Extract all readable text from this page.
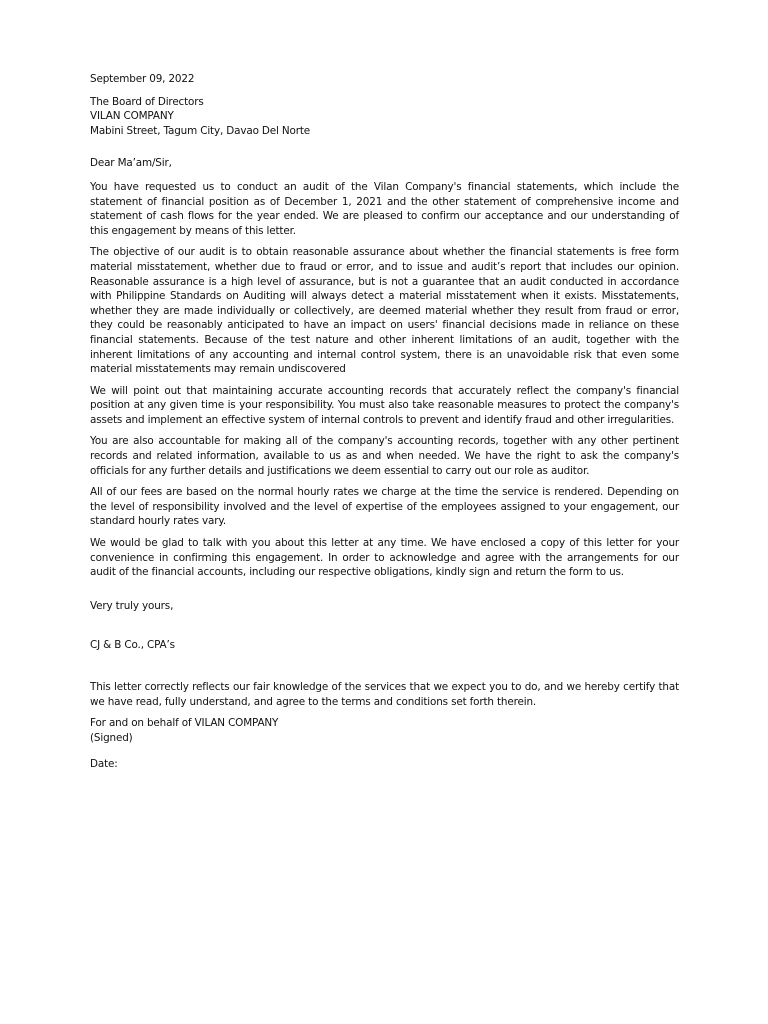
September 09, 2022
The Board of Directors
VILAN COMPANY
Mabini Street, Tagum City, Davao Del Norte
Dear Ma’am/Sir,

You have requested us to conduct an audit of the Vilan Company's financial statements, which include the statement of financial position as of December 1, 2021 and the other statement of comprehensive income and statement of cash flows for the year ended. We are pleased to confirm our acceptance and our understanding of this engagement by means of this letter.

The objective of our audit is to obtain reasonable assurance about whether the financial statements is free form material misstatement, whether due to fraud or error, and to issue and audit’s report that includes our opinion. Reasonable assurance is a high level of assurance, but is not a guarantee that an audit conducted in accordance with Philippine Standards on Auditing will always detect a material misstatement when it exists. Misstatements, whether they are made individually or collectively, are deemed material whether they result from fraud or error, they could be reasonably anticipated to have an impact on users' financial decisions made in reliance on these financial statements. Because of the test nature and other inherent limitations of an audit, together with the inherent limitations of any accounting and internal control system, there is an unavoidable risk that even some material misstatements may remain undiscovered

We will point out that maintaining accurate accounting records that accurately reflect the company's financial position at any given time is your responsibility. You must also take reasonable measures to protect the company's assets and implement an effective system of internal controls to prevent and identify fraud and other irregularities.

You are also accountable for making all of the company's accounting records, together with any other pertinent records and related information, available to us as and when needed. We have the right to ask the company's officials for any further details and justifications we deem essential to carry out our role as auditor.

All of our fees are based on the normal hourly rates we charge at the time the service is rendered. Depending on the level of responsibility involved and the level of expertise of the employees assigned to your engagement, our standard hourly rates vary.

We would be glad to talk with you about this letter at any time. We have enclosed a copy of this letter for your convenience in confirming this engagement. In order to acknowledge and agree with the arrangements for our audit of the financial accounts, including our respective obligations, kindly sign and return the form to us.

Very truly yours,
CJ & B Co., CPA’s

This letter correctly reflects our fair knowledge of the services that we expect you to do, and we hereby certify that we have read, fully understand, and agree to the terms and conditions set forth therein.

For and on behalf of VILAN COMPANY
(Signed)
Date:
